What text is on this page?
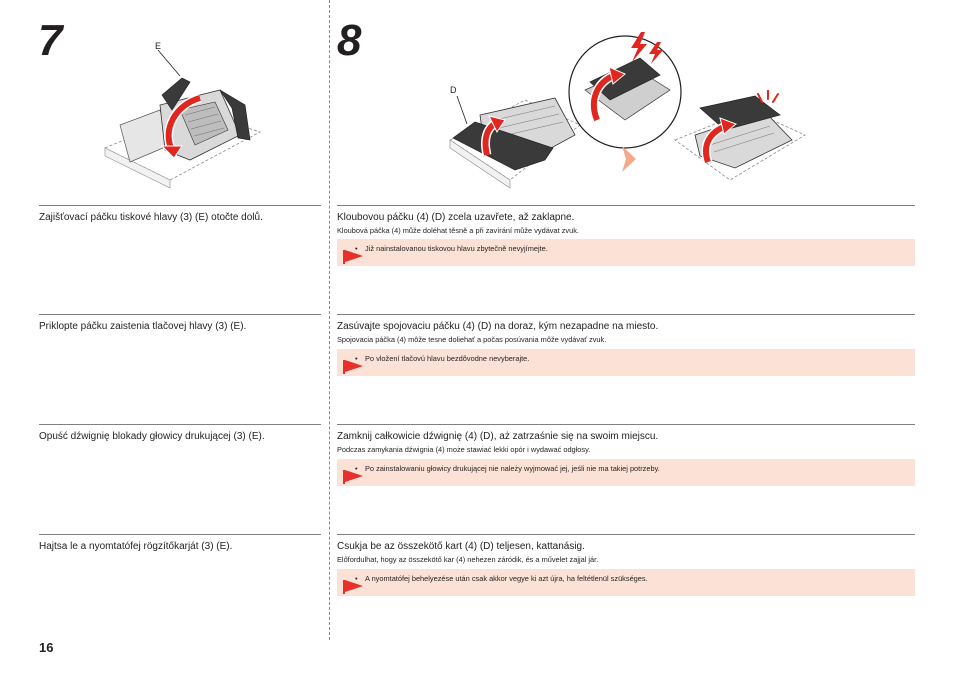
7	8
E
D
Zajišťovací páčku tiskové hlavy (3) (E) otočte dolů.	Kloubovou páčku (4) (D) zcela uzavřete, až zaklapne.
Kloubová páčka (4) může doléhat těsně a při zavírání může vydávat zvuk.
• Již nainstalovanou tiskovou hlavu zbytečně nevyjímejte.
Priklopte páčku zaistenia tlačovej hlavy (3) (E).	Zasúvajte spojovaciu páčku (4) (D) na doraz, kým nezapadne na miesto.
Spojovacia páčka (4) môže tesne doliehať a počas posúvania môže vydávať zvuk.
• Po vložení tlačovú hlavu bezdôvodne nevyberajte.
Opuść dźwignię blokady głowicy drukującej (3) (E).	Zamknij całkowicie dźwignię (4) (D), aż zatrzaśnie się na swoim miejscu.
Podczas zamykania dźwignia (4) może stawiać lekki opór i wydawać odgłosy.
• Po zainstalowaniu głowicy drukującej nie należy wyjmować jej, jeśli nie ma takiej potrzeby.
Hajtsa le a nyomtatófej rögzítőkarját (3) (E).	Csukja be az összekötő kart (4) (D) teljesen, kattanásig.
Előfordulhat, hogy az összekötő kar (4) nehezen záródik, és a művelet zajjal jár.
• A nyomtatófej behelyezése után csak akkor vegye ki azt újra, ha feltétlenül szükséges.
16
